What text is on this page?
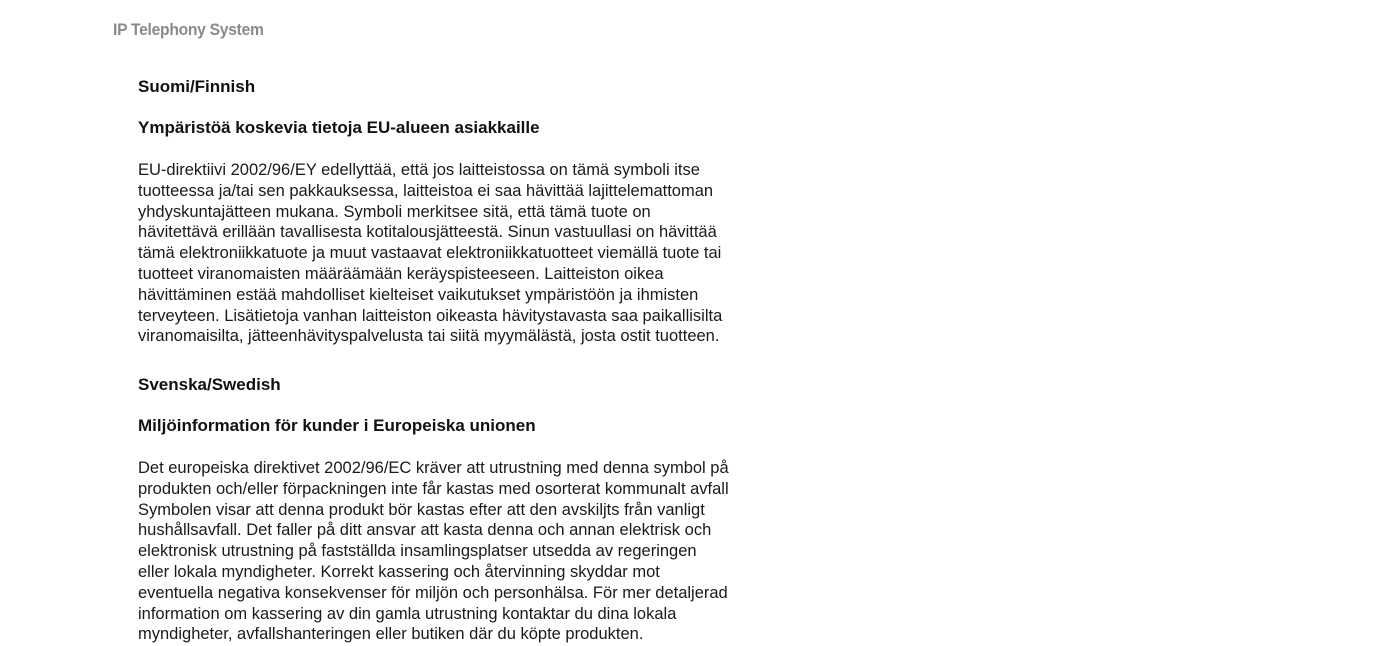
IP Telephony System
Suomi/Finnish
Ympäristöä koskevia tietoja EU-alueen asiakkaille

EU-direktiivi 2002/96/EY edellyttää, että jos laitteistossa on tämä symboli itse
tuotteessa ja/tai sen pakkauksessa, laitteistoa ei saa hävittää lajittelemattoman
yhdyskuntajätteen mukana. Symboli merkitsee sitä, että tämä tuote on
hävitettävä erillään tavallisesta kotitalousjätteestä. Sinun vastuullasi on hävittää
tämä elektroniikkatuote ja muut vastaavat elektroniikkatuotteet viemällä tuote tai
tuotteet viranomaisten määräämään keräyspisteeseen. Laitteiston oikea
hävittäminen estää mahdolliset kielteiset vaikutukset ympäristöön ja ihmisten
terveyteen. Lisätietoja vanhan laitteiston oikeasta hävitystavasta saa paikallisilta
viranomaisilta, jätteenhävityspalvelusta tai siitä myymälästä, josta ostit tuotteen.

Svenska/Swedish
Miljöinformation för kunder i Europeiska unionen

Det europeiska direktivet 2002/96/EC kräver att utrustning med denna symbol på
produkten och/eller förpackningen inte får kastas med osorterat kommunalt avfall
Symbolen visar att denna produkt bör kastas efter att den avskiljts från vanligt
hushållsavfall. Det faller på ditt ansvar att kasta denna och annan elektrisk och
elektronisk utrustning på fastställda insamlingsplatser utsedda av regeringen
eller lokala myndigheter. Korrekt kassering och återvinning skyddar mot
eventuella negativa konsekvenser för miljön och personhälsa. För mer detaljerad
information om kassering av din gamla utrustning kontaktar du dina lokala
myndigheter, avfallshanteringen eller butiken där du köpte produkten.
